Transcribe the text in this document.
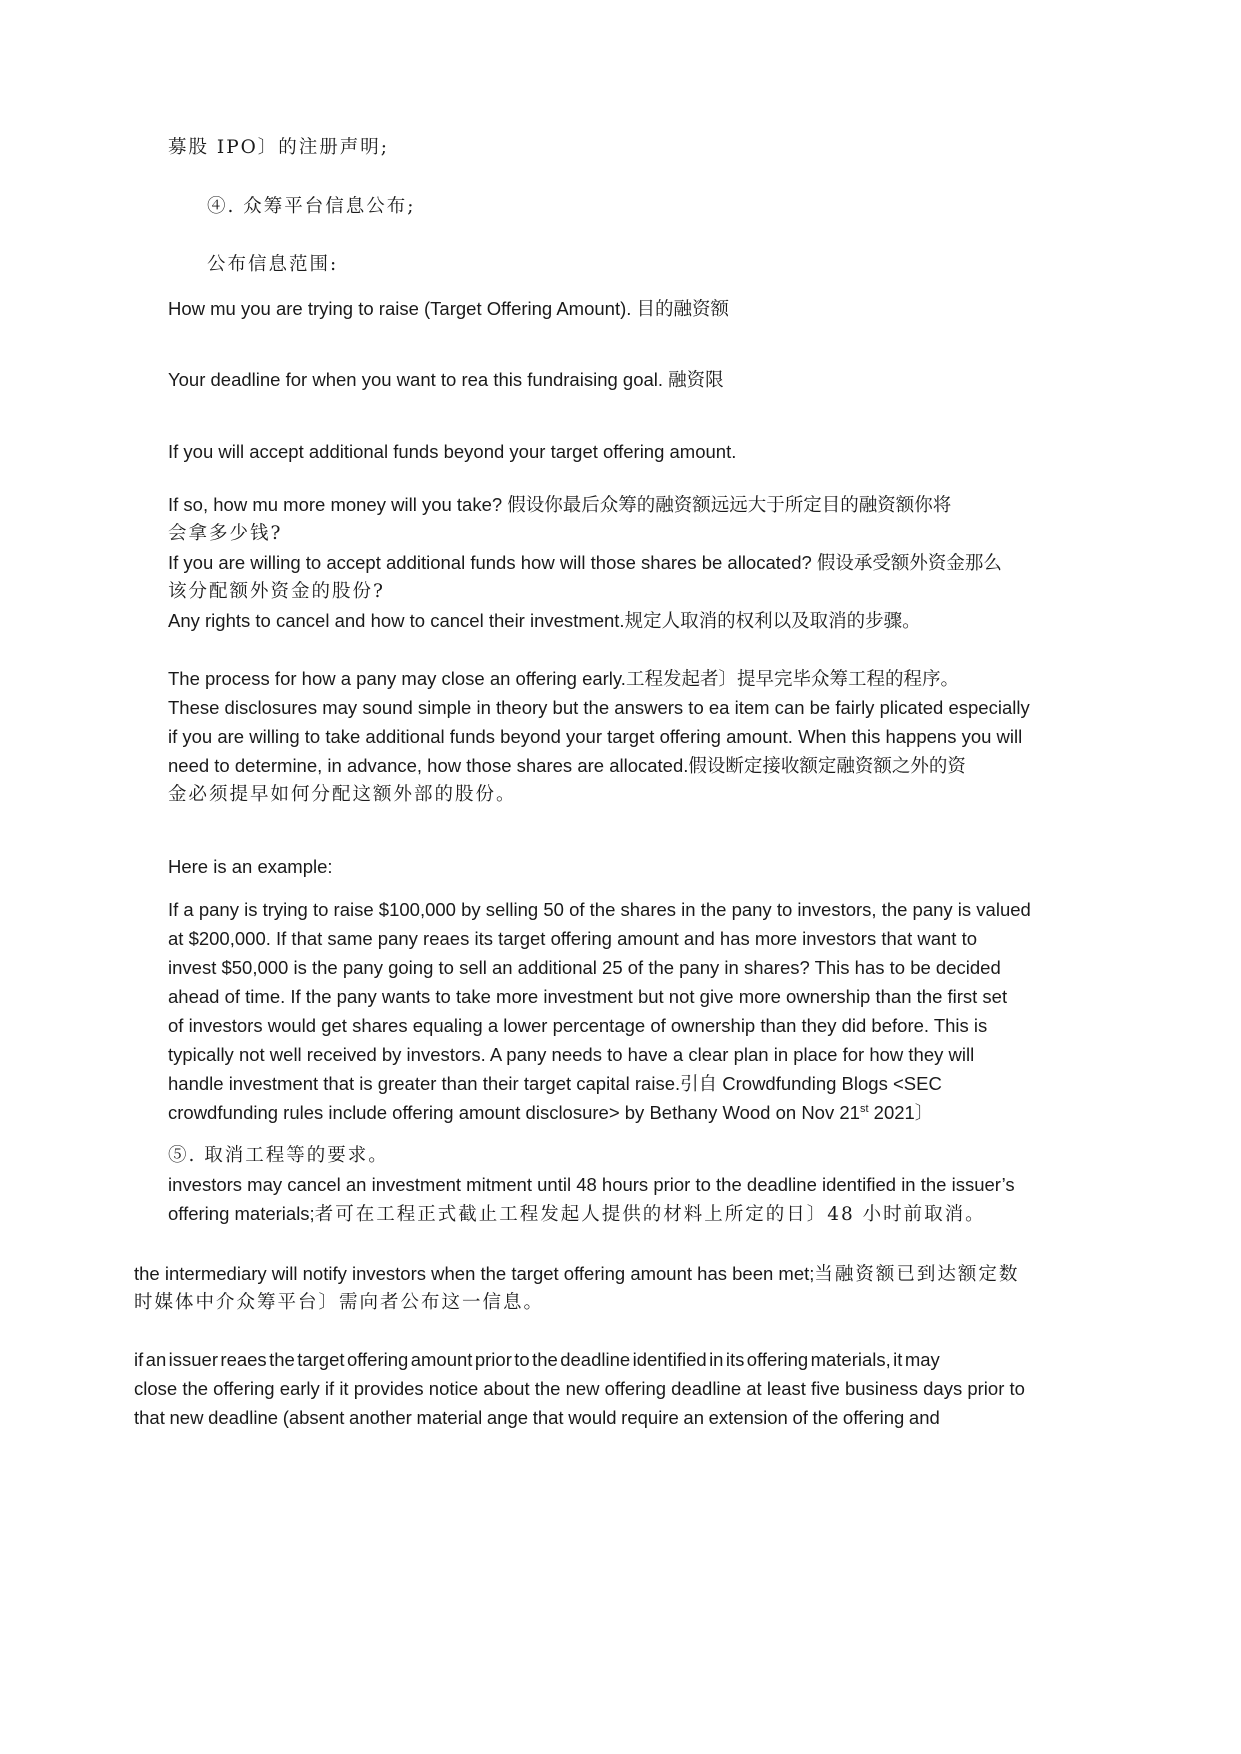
募股 IPO〕的注册声明;
④. 众筹平台信息公布;
公布信息范围:
How mu you are trying to raise (Target Offering Amount). 目的融资额
Your deadline for when you want to rea this fundraising goal. 融资限
If you will accept additional funds beyond your target offering amount.
If so, how mu more money will you take? 假设你最后众筹的融资额远远大于所定目的融资额你将
会拿多少钱?
If you are willing to accept additional funds how will those shares be allocated? 假设承受额外资金那么
该分配额外资金的股份?
Any rights to cancel and how to cancel their investment.规定人取消的权利以及取消的步骤。
The process for how a pany may close an offering early.工程发起者〕提早完毕众筹工程的程序。
These disclosures may sound simple in theory but the answers to ea item can be fairly plicated especially
if you are willing to take additional funds beyond your target offering amount. When this happens you will
need to determine, in advance, how those shares are allocated.假设断定接收额定融资额之外的资
金必须提早如何分配这额外部的股份。
Here is an example:
If a pany is trying to raise $100,000 by selling 50 of the shares in the pany to investors, the pany is valued
at $200,000. If that same pany reaes its target offering amount and has more investors that want to
invest $50,000 is the pany going to sell an additional 25 of the pany in shares? This has to be decided
ahead of time. If the pany wants to take more investment but not give more ownership than the first set
of investors would get shares equaling a lower percentage of ownership than they did before. This is
typically not well received by investors. A pany needs to have a clear plan in place for how they will
handle investment that is greater than their target capital raise.引自 Crowdfunding Blogs <SEC
crowdfunding rules include offering amount disclosure> by Bethany Wood on Nov 21st 2021〕
⑤. 取消工程等的要求。
investors may cancel an investment mitment until 48 hours prior to the deadline identified in the issuer’s
offering materials;者可在工程正式截止工程发起人提供的材料上所定的日〕48 小时前取消。
the intermediary will notify investors when the target offering amount has been met;当融资额已到达额定数
时媒体中介众筹平台〕需向者公布这一信息。
if an issuer reaes the target offering amount prior to the deadline identified in its offering materials, it may
close the offering early if it provides notice about the new offering deadline at least five business days prior to
that new deadline (absent another material ange that would require an extension of the offering and
